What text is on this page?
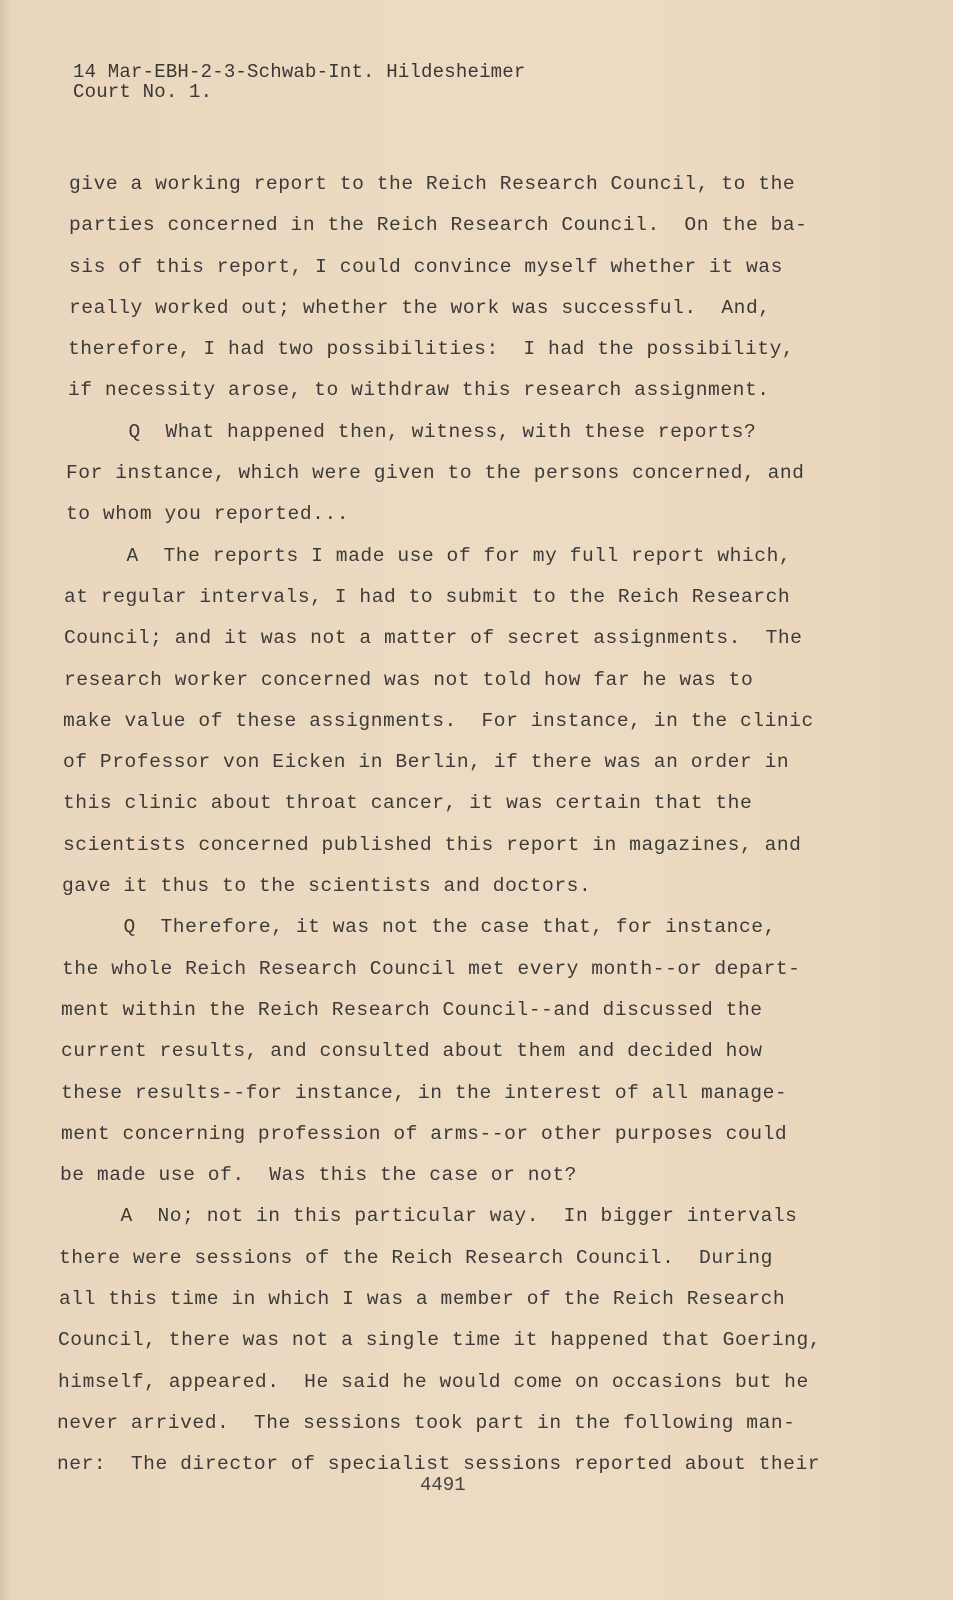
14 Mar-EBH-2-3-Schwab-Int. Hildesheimer
Court No. 1.
give a working report to the Reich Research Council, to the
parties concerned in the Reich Research Council.  On the ba-
sis of this report, I could convince myself whether it was
really worked out; whether the work was successful.  And,
therefore, I had two possibilities:  I had the possibility,
if necessity arose, to withdraw this research assignment.
Q  What happened then, witness, with these reports?
For instance, which were given to the persons concerned, and
to whom you reported...
A  The reports I made use of for my full report which,
at regular intervals, I had to submit to the Reich Research
Council; and it was not a matter of secret assignments.  The
research worker concerned was not told how far he was to
make value of these assignments.  For instance, in the clinic
of Professor von Eicken in Berlin, if there was an order in
this clinic about throat cancer, it was certain that the
scientists concerned published this report in magazines, and
gave it thus to the scientists and doctors.
Q  Therefore, it was not the case that, for instance,
the whole Reich Research Council met every month--or depart-
ment within the Reich Research Council--and discussed the
current results, and consulted about them and decided how
these results--for instance, in the interest of all manage-
ment concerning profession of arms--or other purposes could
be made use of.  Was this the case or not?
A  No; not in this particular way.  In bigger intervals
there were sessions of the Reich Research Council.  During
all this time in which I was a member of the Reich Research
Council, there was not a single time it happened that Goering,
himself, appeared.  He said he would come on occasions but he
never arrived.  The sessions took part in the following man-
ner:  The director of specialist sessions reported about their
4491
